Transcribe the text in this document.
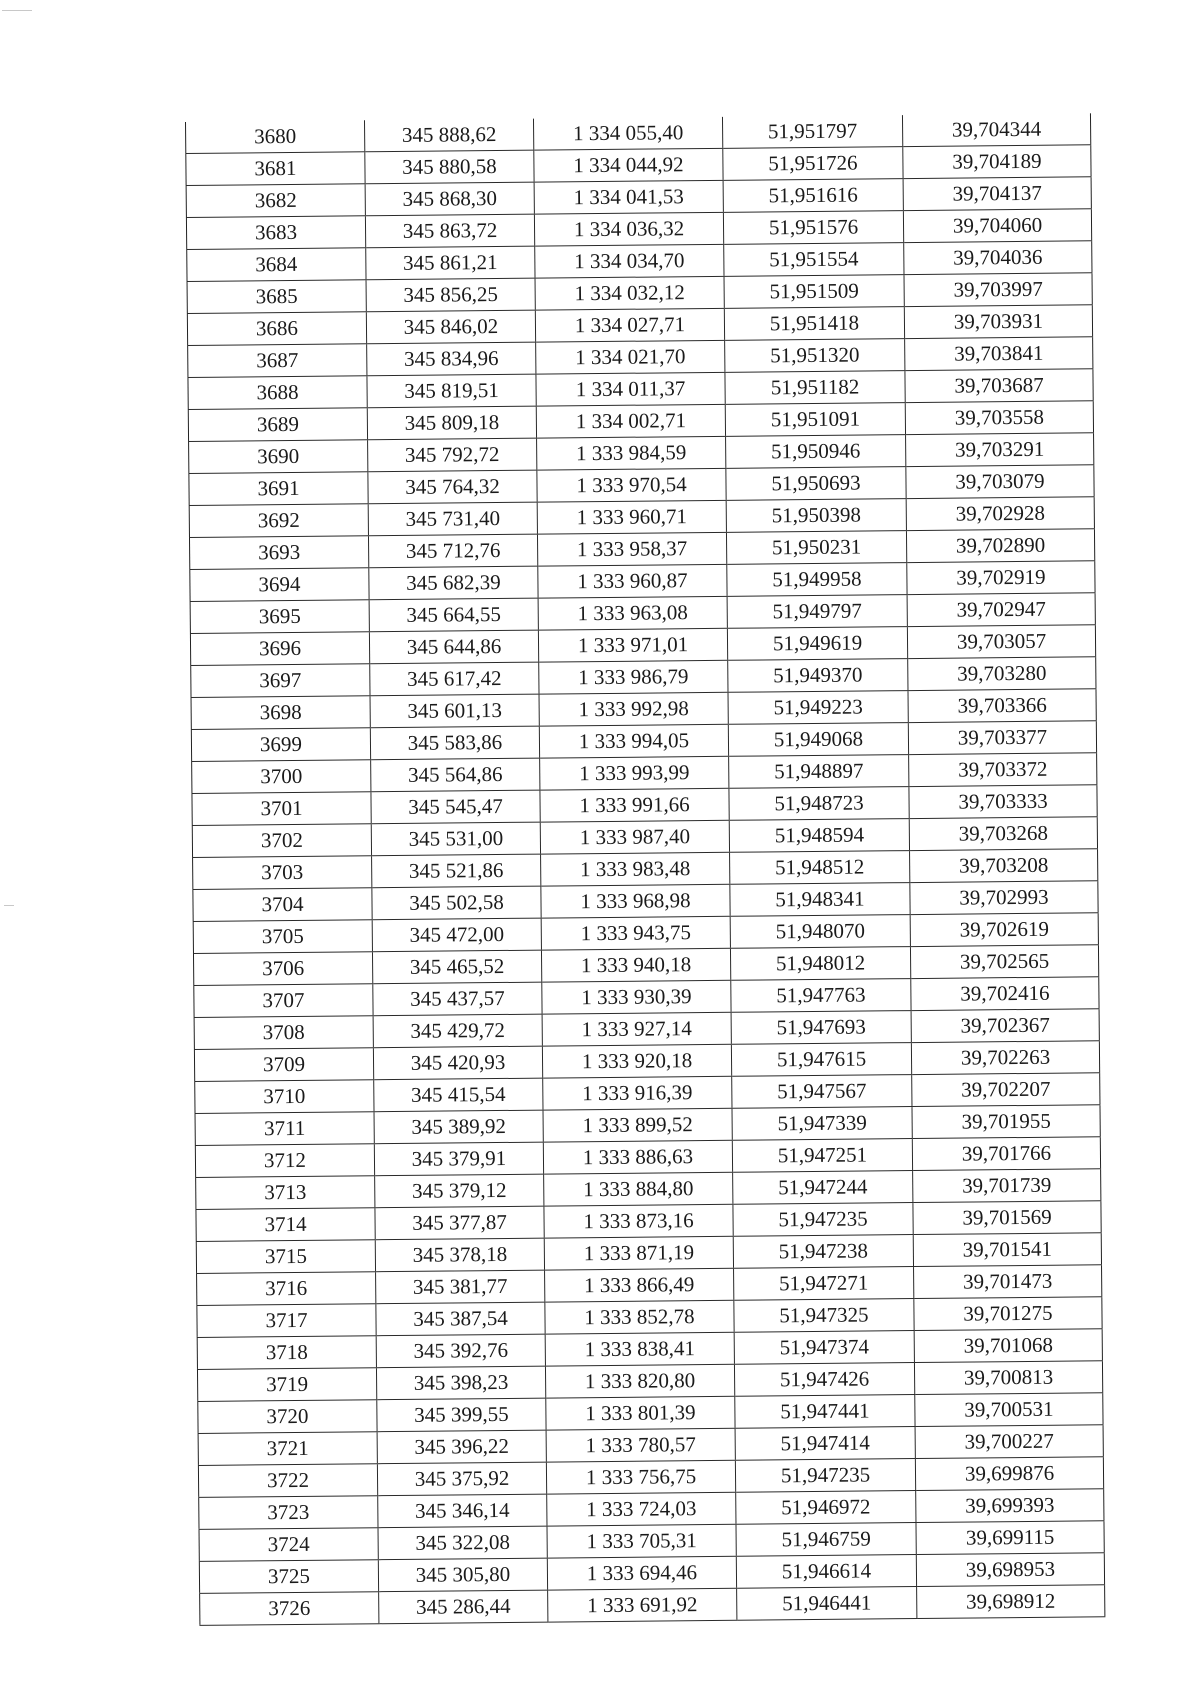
3680	345 888,62	1 334 055,40	51,951797	39,704344
3681	345 880,58	1 334 044,92	51,951726	39,704189
3682	345 868,30	1 334 041,53	51,951616	39,704137
3683	345 863,72	1 334 036,32	51,951576	39,704060
3684	345 861,21	1 334 034,70	51,951554	39,704036
3685	345 856,25	1 334 032,12	51,951509	39,703997
3686	345 846,02	1 334 027,71	51,951418	39,703931
3687	345 834,96	1 334 021,70	51,951320	39,703841
3688	345 819,51	1 334 011,37	51,951182	39,703687
3689	345 809,18	1 334 002,71	51,951091	39,703558
3690	345 792,72	1 333 984,59	51,950946	39,703291
3691	345 764,32	1 333 970,54	51,950693	39,703079
3692	345 731,40	1 333 960,71	51,950398	39,702928
3693	345 712,76	1 333 958,37	51,950231	39,702890
3694	345 682,39	1 333 960,87	51,949958	39,702919
3695	345 664,55	1 333 963,08	51,949797	39,702947
3696	345 644,86	1 333 971,01	51,949619	39,703057
3697	345 617,42	1 333 986,79	51,949370	39,703280
3698	345 601,13	1 333 992,98	51,949223	39,703366
3699	345 583,86	1 333 994,05	51,949068	39,703377
3700	345 564,86	1 333 993,99	51,948897	39,703372
3701	345 545,47	1 333 991,66	51,948723	39,703333
3702	345 531,00	1 333 987,40	51,948594	39,703268
3703	345 521,86	1 333 983,48	51,948512	39,703208
3704	345 502,58	1 333 968,98	51,948341	39,702993
3705	345 472,00	1 333 943,75	51,948070	39,702619
3706	345 465,52	1 333 940,18	51,948012	39,702565
3707	345 437,57	1 333 930,39	51,947763	39,702416
3708	345 429,72	1 333 927,14	51,947693	39,702367
3709	345 420,93	1 333 920,18	51,947615	39,702263
3710	345 415,54	1 333 916,39	51,947567	39,702207
3711	345 389,92	1 333 899,52	51,947339	39,701955
3712	345 379,91	1 333 886,63	51,947251	39,701766
3713	345 379,12	1 333 884,80	51,947244	39,701739
3714	345 377,87	1 333 873,16	51,947235	39,701569
3715	345 378,18	1 333 871,19	51,947238	39,701541
3716	345 381,77	1 333 866,49	51,947271	39,701473
3717	345 387,54	1 333 852,78	51,947325	39,701275
3718	345 392,76	1 333 838,41	51,947374	39,701068
3719	345 398,23	1 333 820,80	51,947426	39,700813
3720	345 399,55	1 333 801,39	51,947441	39,700531
3721	345 396,22	1 333 780,57	51,947414	39,700227
3722	345 375,92	1 333 756,75	51,947235	39,699876
3723	345 346,14	1 333 724,03	51,946972	39,699393
3724	345 322,08	1 333 705,31	51,946759	39,699115
3725	345 305,80	1 333 694,46	51,946614	39,698953
3726	345 286,44	1 333 691,92	51,946441	39,698912
